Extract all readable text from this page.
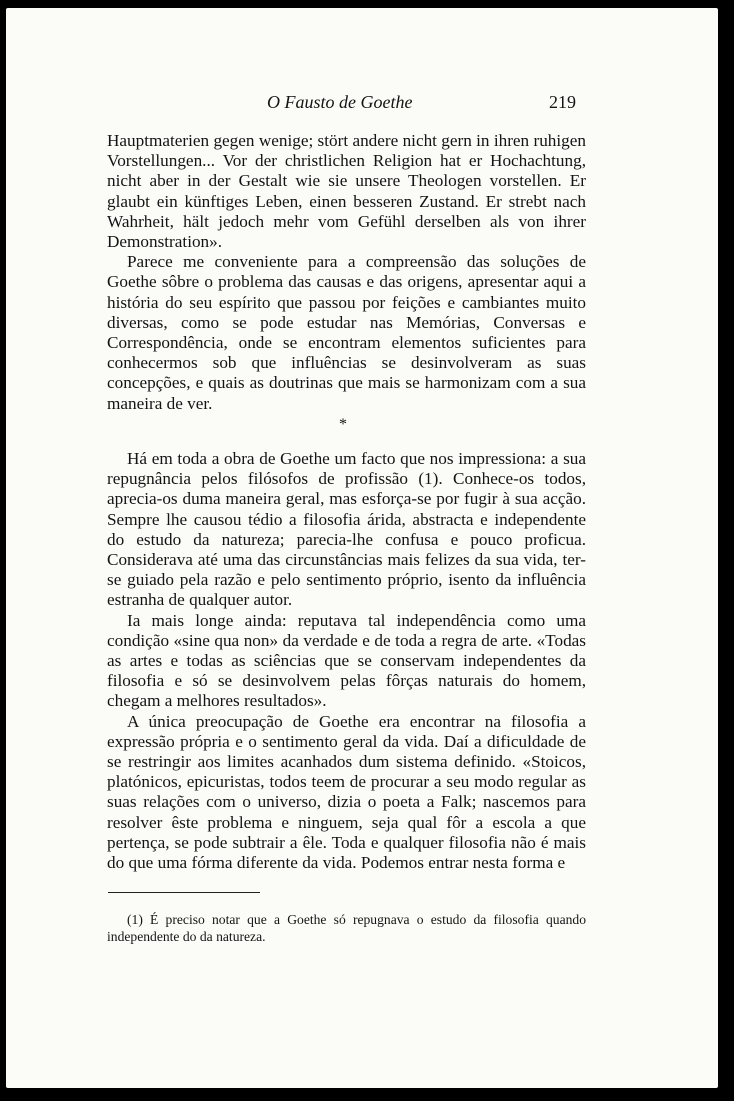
O Fausto de Goethe	219

Hauptmaterien gegen wenige; stört andere nicht gern in ihren ruhigen Vorstellungen... Vor der christlichen Religion hat er Hochachtung, nicht aber in der Gestalt wie sie unsere Theologen vorstellen. Er glaubt ein künftiges Leben, einen besseren Zustand. Er strebt nach Wahrheit, hält jedoch mehr vom Gefühl derselben als von ihrer Demonstration».

Parece me conveniente para a compreensão das soluções de Goethe sôbre o problema das causas e das origens, apresentar aqui a história do seu espírito que passou por feições e cambiantes muito diversas, como se pode estudar nas Memórias, Conversas e Correspondência, onde se encontram elementos suficientes para conhecermos sob que influências se desinvolveram as suas concepções, e quais as doutrinas que mais se harmonizam com a sua maneira de ver.

*

Há em toda a obra de Goethe um facto que nos impressiona: a sua repugnância pelos filósofos de profissão (1). Conhece-os todos, aprecia-os duma maneira geral, mas esforça-se por fugir à sua acção. Sempre lhe causou tédio a filosofia árida, abstracta e independente do estudo da natureza; parecia-lhe confusa e pouco proficua. Considerava até uma das circunstâncias mais felizes da sua vida, ter-se guiado pela razão e pelo sentimento próprio, isento da influência estranha de qualquer autor.

Ia mais longe ainda: reputava tal independência como uma condição «sine qua non» da verdade e de toda a regra de arte. «Todas as artes e todas as sciências que se conservam independentes da filosofia e só se desinvolvem pelas fôrças naturais do homem, chegam a melhores resultados».

A única preocupação de Goethe era encontrar na filosofia a expressão própria e o sentimento geral da vida. Daí a dificuldade de se restringir aos limites acanhados dum sistema definido. «Stoicos, platónicos, epicuristas, todos teem de procurar a seu modo regular as suas relações com o universo, dizia o poeta a Falk; nascemos para resolver êste problema e ninguem, seja qual fôr a escola a que pertença, se pode subtrair a êle. Toda e qualquer filosofia não é mais do que uma fórma diferente da vida. Podemos entrar nesta forma e

(1) É preciso notar que a Goethe só repugnava o estudo da filosofia quando independente do da natureza.
